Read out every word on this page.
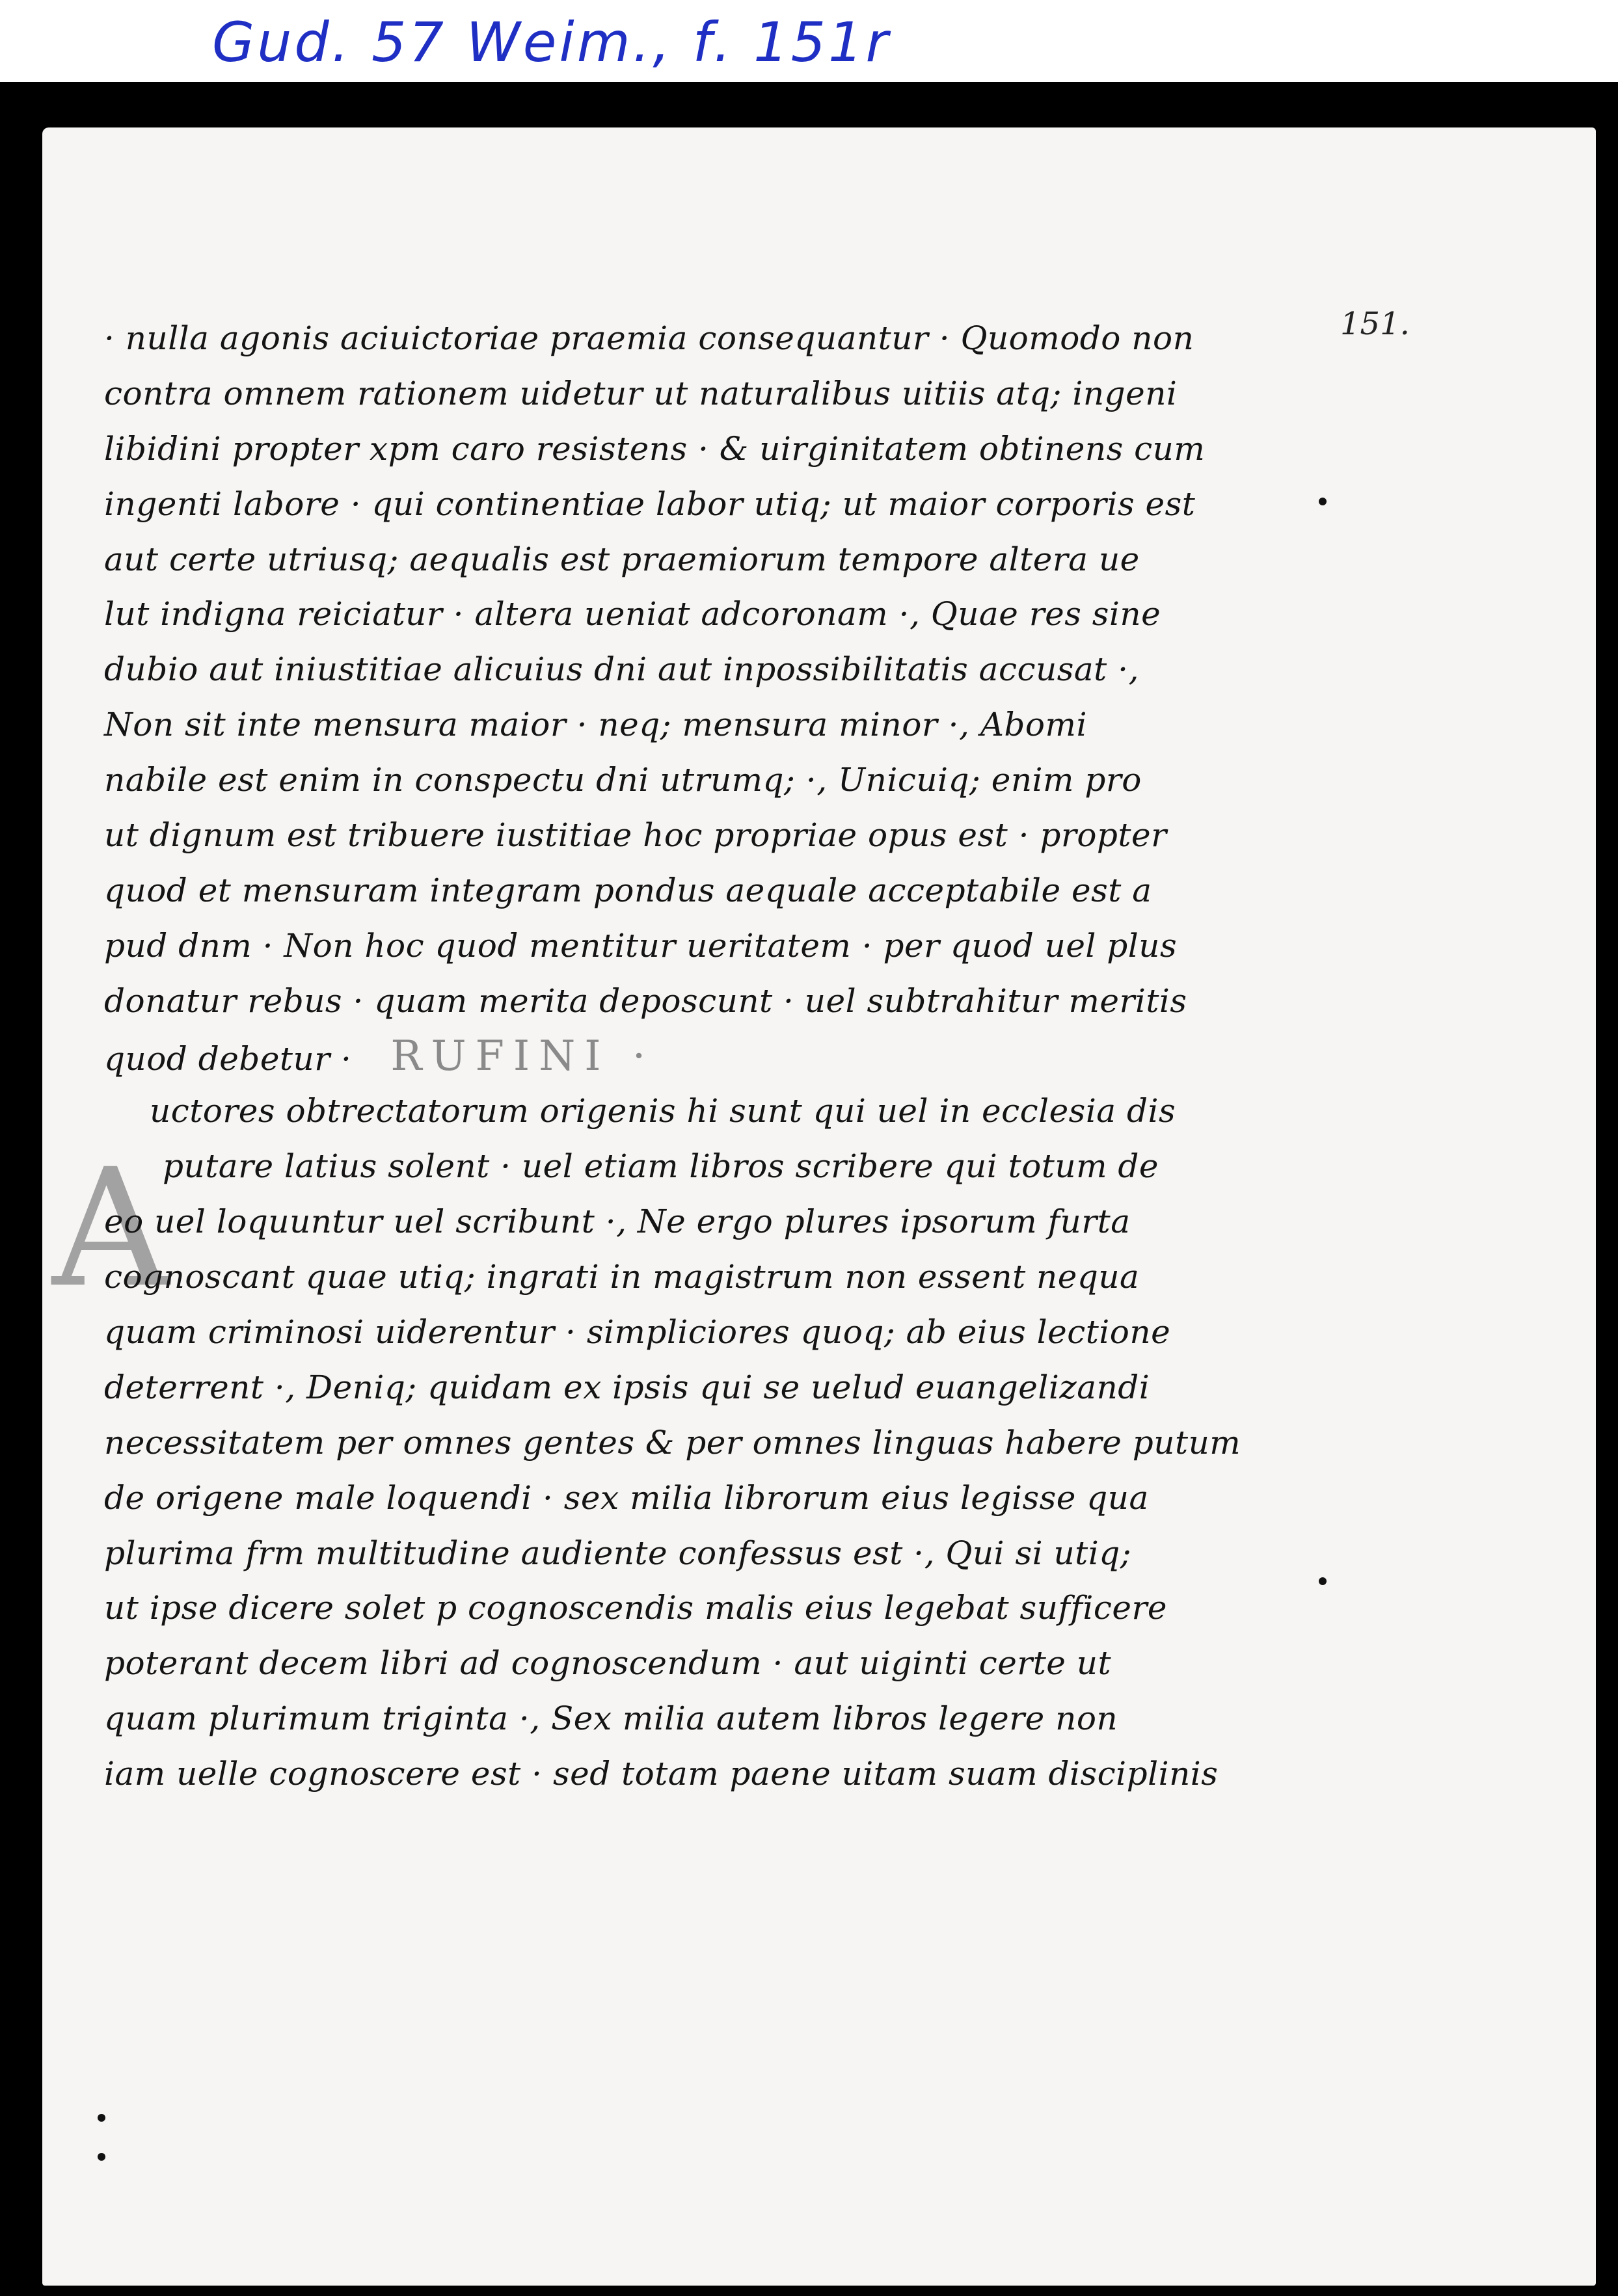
Gud. 57 Weim., f. 151r
151.
A
· nulla agonis aciuictoriae praemia consequantur · Quomodo non
contra omnem rationem uidetur ut naturalibus uitiis atq; ingeni
libidini propter xpm caro resistens · & uirginitatem obtinens cum
ingenti labore · qui continentiae labor utiq; ut maior corporis est
aut certe utriusq; aequalis est praemiorum tempore altera ue
lut indigna reiciatur · altera ueniat adcoronam ·, Quae res sine
dubio aut iniustitiae alicuius dni aut inpossibilitatis accusat ·,
Non sit inte mensura maior · neq; mensura minor ·, Abomi
nabile est enim in conspectu dni utrumq; ·, Unicuiq; enim pro
ut dignum est tribuere iustitiae hoc propriae opus est · propter
quod et mensuram integram pondus aequale acceptabile est a
pud dnm · Non hoc quod mentitur ueritatem · per quod uel plus
donatur rebus · quam merita deposcunt · uel subtrahitur meritis
quod debetur · RUFINI ·
uctores obtrectatorum origenis hi sunt qui uel in ecclesia dis
putare latius solent · uel etiam libros scribere qui totum de
eo uel loquuntur uel scribunt ·, Ne ergo plures ipsorum furta
cognoscant quae utiq; ingrati in magistrum non essent nequa
quam criminosi uiderentur · simpliciores quoq; ab eius lectione
deterrent ·, Deniq; quidam ex ipsis qui se uelud euangelizandi
necessitatem per omnes gentes & per omnes linguas habere putum
de origene male loquendi · sex milia librorum eius legisse qua
plurima frm multitudine audiente confessus est ·, Qui si utiq;
ut ipse dicere solet p cognoscendis malis eius legebat sufficere
poterant decem libri ad cognoscendum · aut uiginti certe ut
quam plurimum triginta ·, Sex milia autem libros legere non
iam uelle cognoscere est · sed totam paene uitam suam disciplinis
